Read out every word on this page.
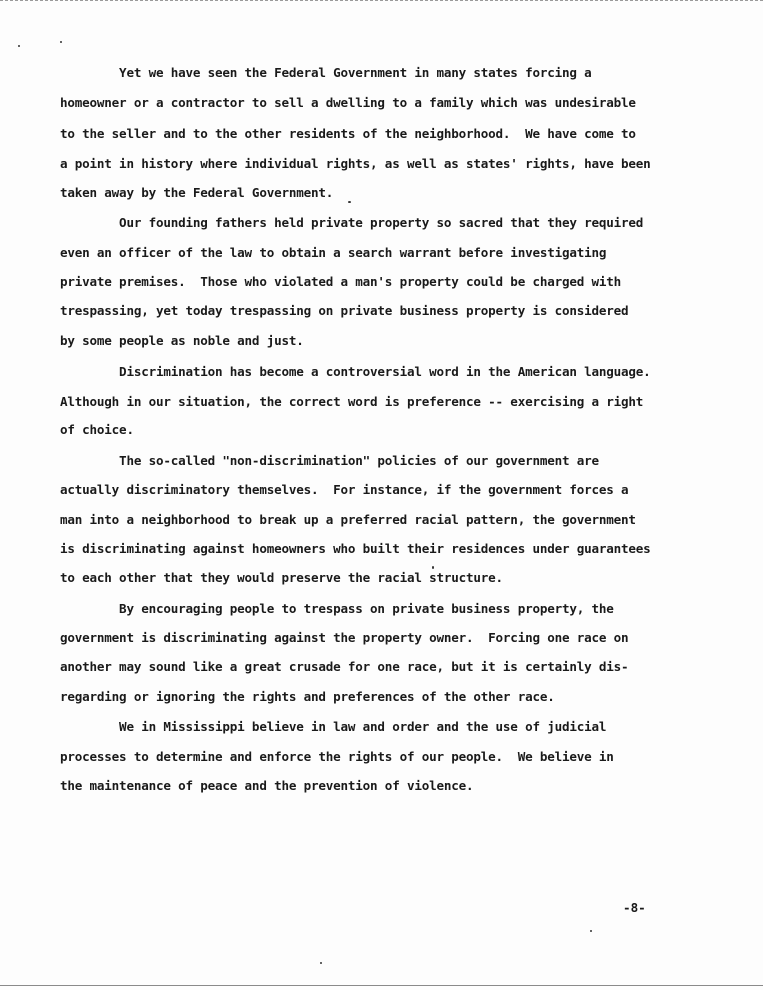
Yet we have seen the Federal Government in many states forcing a
homeowner or a contractor to sell a dwelling to a family which was undesirable
to the seller and to the other residents of the neighborhood.  We have come to
a point in history where individual rights, as well as states' rights, have been
taken away by the Federal Government.
Our founding fathers held private property so sacred that they required
even an officer of the law to obtain a search warrant before investigating
private premises.  Those who violated a man's property could be charged with
trespassing, yet today trespassing on private business property is considered
by some people as noble and just.
Discrimination has become a controversial word in the American language.
Although in our situation, the correct word is preference -- exercising a right
of choice.
The so-called "non-discrimination" policies of our government are
actually discriminatory themselves.  For instance, if the government forces a
man into a neighborhood to break up a preferred racial pattern, the government
is discriminating against homeowners who built their residences under guarantees
to each other that they would preserve the racial structure.
By encouraging people to trespass on private business property, the
government is discriminating against the property owner.  Forcing one race on
another may sound like a great crusade for one race, but it is certainly dis-
regarding or ignoring the rights and preferences of the other race.
We in Mississippi believe in law and order and the use of judicial
processes to determine and enforce the rights of our people.  We believe in
the maintenance of peace and the prevention of violence.
-8-
